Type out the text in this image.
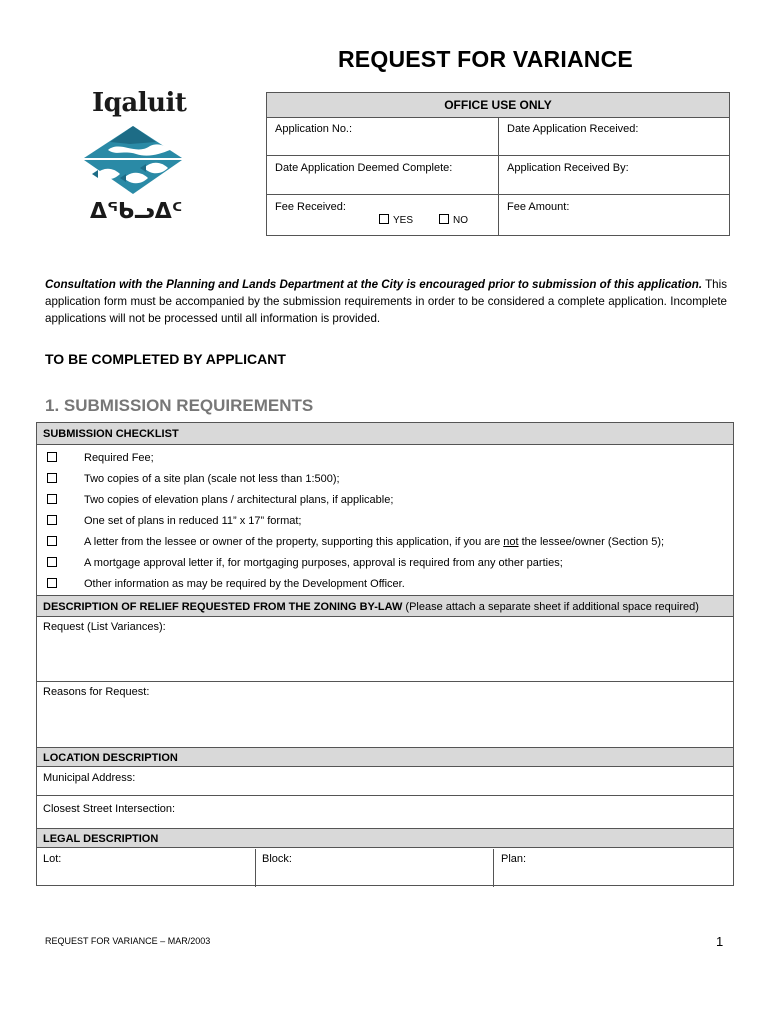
REQUEST FOR VARIANCE
Iqaluit
ᐃᖃᓗᐃᑦ
OFFICE USE ONLY
Application No.:	Date Application Received:
Date Application Deemed Complete:	Application Received By:
Fee Received:
YES	NO
Fee Amount:
Consultation with the Planning and Lands Department at the City is encouraged prior to submission of this application. This application form must be accompanied by the submission requirements in order to be considered a complete application. Incomplete applications will not be processed until all information is provided.
TO BE COMPLETED BY APPLICANT
1. SUBMISSION REQUIREMENTS
SUBMISSION CHECKLIST
Required Fee;
Two copies of a site plan (scale not less than 1:500);
Two copies of elevation plans / architectural plans, if applicable;
One set of plans in reduced 11” x 17” format;
A letter from the lessee or owner of the property, supporting this application, if you are not the lessee/owner (Section 5);
A mortgage approval letter if, for mortgaging purposes, approval is required from any other parties;
Other information as may be required by the Development Officer.
DESCRIPTION OF RELIEF REQUESTED FROM THE ZONING BY-LAW (Please attach a separate sheet if additional space required)
Request (List Variances):
Reasons for Request:
LOCATION DESCRIPTION
Municipal Address:
Closest Street Intersection:
LEGAL DESCRIPTION
Lot:	Block:	Plan:
REQUEST FOR VARIANCE – MAR/2003	1
